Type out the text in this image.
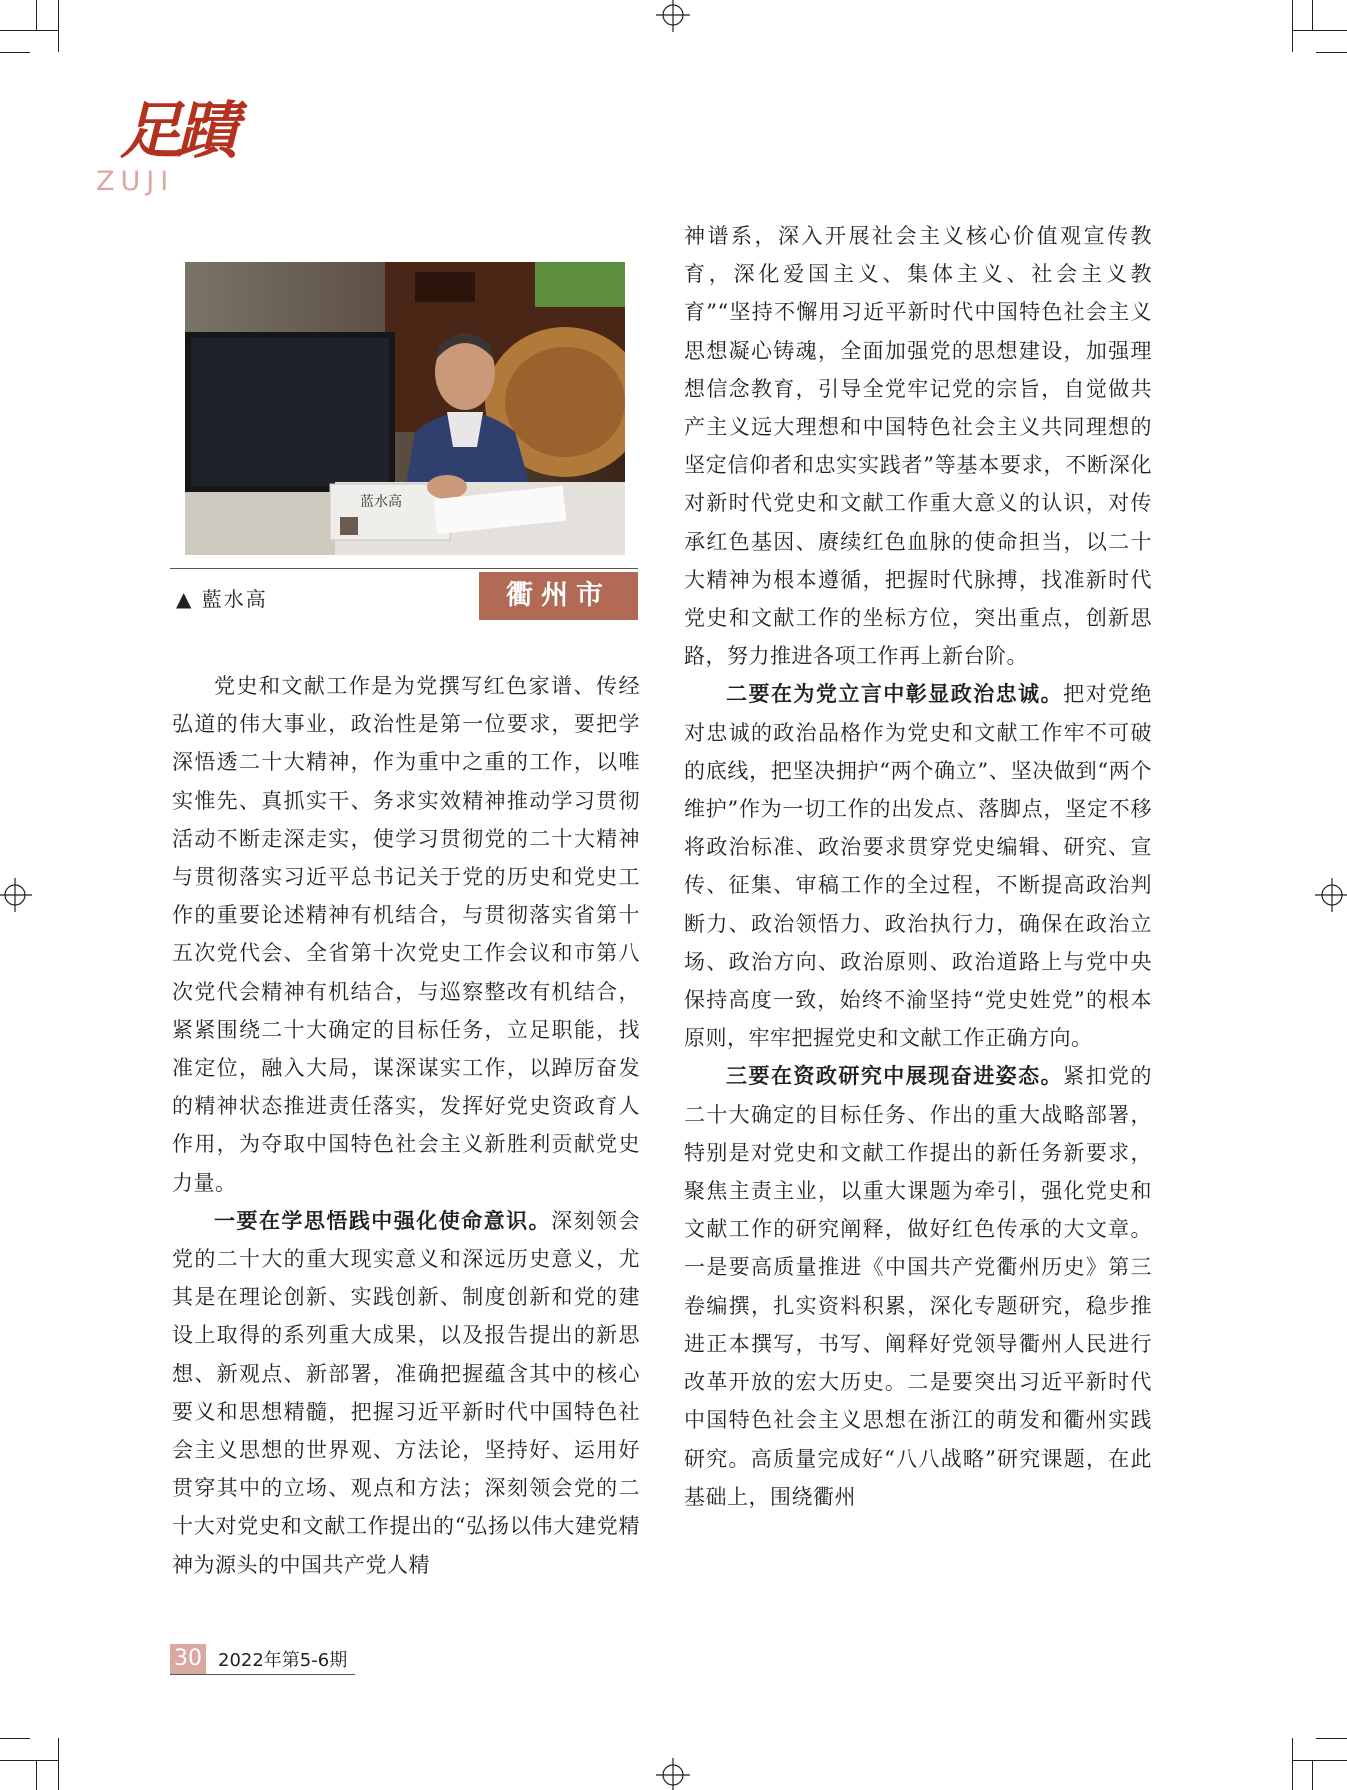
足蹟
ZUJI
蓝水高
▲ 藍水高	衢州市

党史和文献工作是为党撰写红色家谱、传经弘道的伟大事业，政治性是第一位要求，要把学深悟透二十大精神，作为重中之重的工作，以唯实惟先、真抓实干、务求实效精神推动学习贯彻活动不断走深走实，使学习贯彻党的二十大精神与贯彻落实习近平总书记关于党的历史和党史工作的重要论述精神有机结合，与贯彻落实省第十五次党代会、全省第十次党史工作会议和市第八次党代会精神有机结合，与巡察整改有机结合，紧紧围绕二十大确定的目标任务，立足职能，找准定位，融入大局，谋深谋实工作，以踔厉奋发的精神状态推进责任落实，发挥好党史资政育人作用，为夺取中国特色社会主义新胜利贡献党史力量。

一要在学思悟践中强化使命意识。深刻领会党的二十大的重大现实意义和深远历史意义，尤其是在理论创新、实践创新、制度创新和党的建设上取得的系列重大成果，以及报告提出的新思想、新观点、新部署，准确把握蕴含其中的核心要义和思想精髓，把握习近平新时代中国特色社会主义思想的世界观、方法论，坚持好、运用好贯穿其中的立场、观点和方法；深刻领会党的二十大对党史和文献工作提出的“弘扬以伟大建党精神为源头的中国共产党人精

神谱系，深入开展社会主义核心价值观宣传教育，深化爱国主义、集体主义、社会主义教育”“坚持不懈用习近平新时代中国特色社会主义思想凝心铸魂，全面加强党的思想建设，加强理想信念教育，引导全党牢记党的宗旨，自觉做共产主义远大理想和中国特色社会主义共同理想的坚定信仰者和忠实实践者”等基本要求，不断深化对新时代党史和文献工作重大意义的认识，对传承红色基因、赓续红色血脉的使命担当，以二十大精神为根本遵循，把握时代脉搏，找准新时代党史和文献工作的坐标方位，突出重点，创新思路，努力推进各项工作再上新台阶。

二要在为党立言中彰显政治忠诚。把对党绝对忠诚的政治品格作为党史和文献工作牢不可破的底线，把坚决拥护“两个确立”、坚决做到“两个维护”作为一切工作的出发点、落脚点，坚定不移将政治标准、政治要求贯穿党史编辑、研究、宣传、征集、审稿工作的全过程，不断提高政治判断力、政治领悟力、政治执行力，确保在政治立场、政治方向、政治原则、政治道路上与党中央保持高度一致，始终不渝坚持“党史姓党”的根本原则，牢牢把握党史和文献工作正确方向。

三要在资政研究中展现奋进姿态。紧扣党的二十大确定的目标任务、作出的重大战略部署，特别是对党史和文献工作提出的新任务新要求，聚焦主责主业，以重大课题为牵引，强化党史和文献工作的研究阐释，做好红色传承的大文章。一是要高质量推进《中国共产党衢州历史》第三卷编撰，扎实资料积累，深化专题研究，稳步推进正本撰写，书写、阐释好党领导衢州人民进行改革开放的宏大历史。二是要突出习近平新时代中国特色社会主义思想在浙江的萌发和衢州实践研究。高质量完成好“八八战略”研究课题，在此基础上，围绕衢州

30 2022年第5-6期
